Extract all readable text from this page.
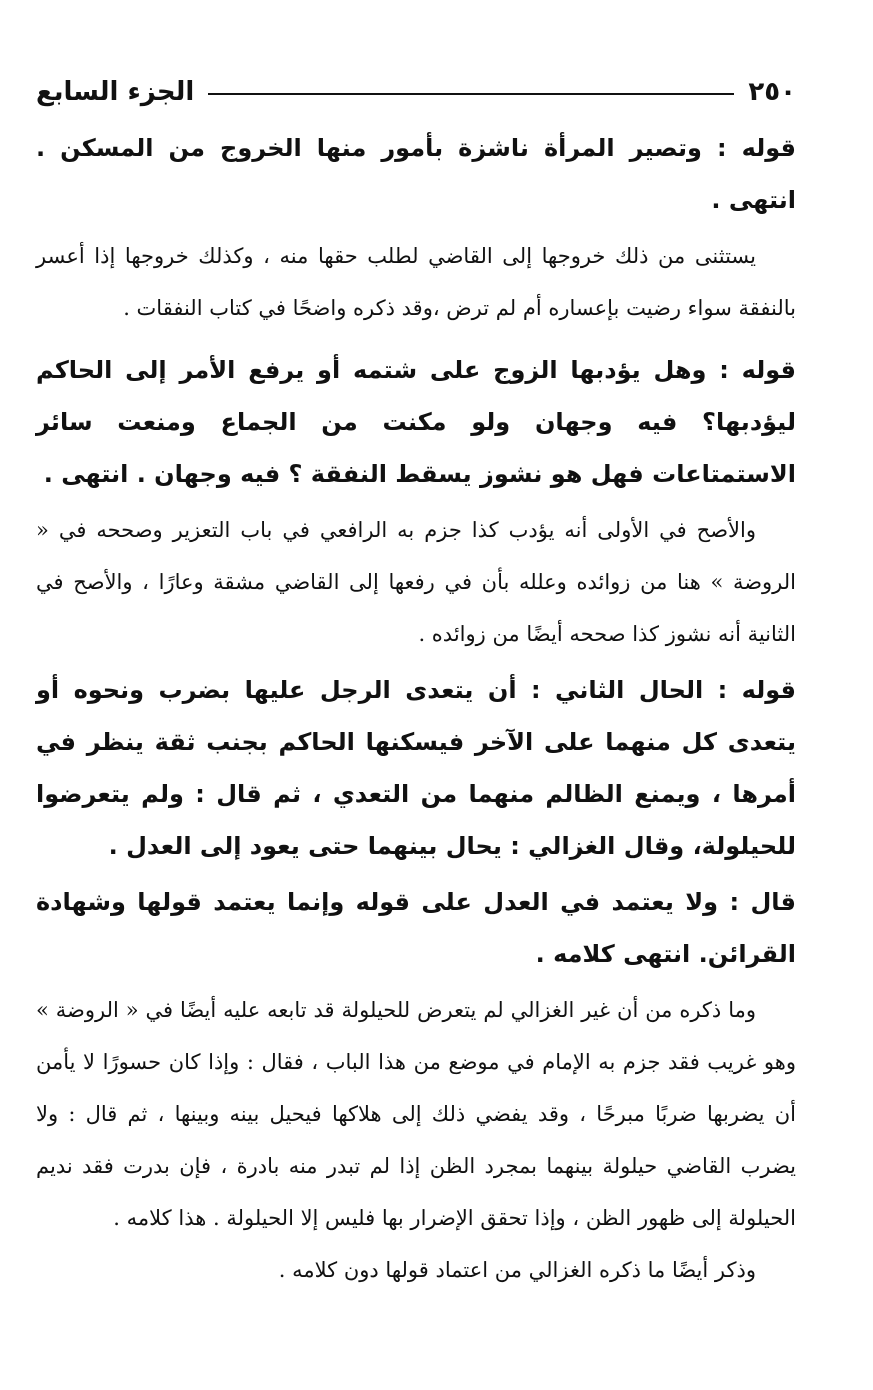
٢٥٠
الجزء السابع

قوله : وتصير المرأة ناشزة بأمور منها الخروج من المسكن . انتهى .

يستثنى من ذلك خروجها إلى القاضي لطلب حقها منه ، وكذلك خروجها إذا أعسر بالنفقة سواء رضيت بإعساره أم لم ترض ،وقد ذكره واضحًا في كتاب النفقات .

قوله : وهل يؤدبها الزوج على شتمه أو يرفع الأمر إلى الحاكم ليؤدبها؟ فيه وجهان ولو مكنت من الجماع ومنعت سائر الاستمتاعات فهل هو نشوز يسقط النفقة ؟ فيه وجهان . انتهى .

والأصح في الأولى أنه يؤدب كذا جزم به الرافعي في باب التعزير وصححه في « الروضة » هنا من زوائده وعلله بأن في رفعها إلى القاضي مشقة وعارًا ، والأصح في الثانية أنه نشوز كذا صححه أيضًا من زوائده .

قوله : الحال الثاني : أن يتعدى الرجل عليها بضرب ونحوه أو يتعدى كل منهما على الآخر فيسكنها الحاكم بجنب ثقة ينظر في أمرها ، ويمنع الظالم منهما من التعدي ، ثم قال : ولم يتعرضوا للحيلولة، وقال الغزالي : يحال بينهما حتى يعود إلى العدل .

قال : ولا يعتمد في العدل على قوله وإنما يعتمد قولها وشهادة القرائن. انتهى كلامه .

وما ذكره من أن غير الغزالي لم يتعرض للحيلولة قد تابعه عليه أيضًا في « الروضة » وهو غريب فقد جزم به الإمام في موضع من هذا الباب ، فقال : وإذا كان حسورًا لا يأمن أن يضربها ضربًا مبرحًا ، وقد يفضي ذلك إلى هلاكها فيحيل بينه وبينها ، ثم قال : ولا يضرب القاضي حيلولة بينهما بمجرد الظن إذا لم تبدر منه بادرة ، فإن بدرت فقد نديم الحيلولة إلى ظهور الظن ، وإذا تحقق الإضرار بها فليس إلا الحيلولة . هذا كلامه .

وذكر أيضًا ما ذكره الغزالي من اعتماد قولها دون كلامه .
